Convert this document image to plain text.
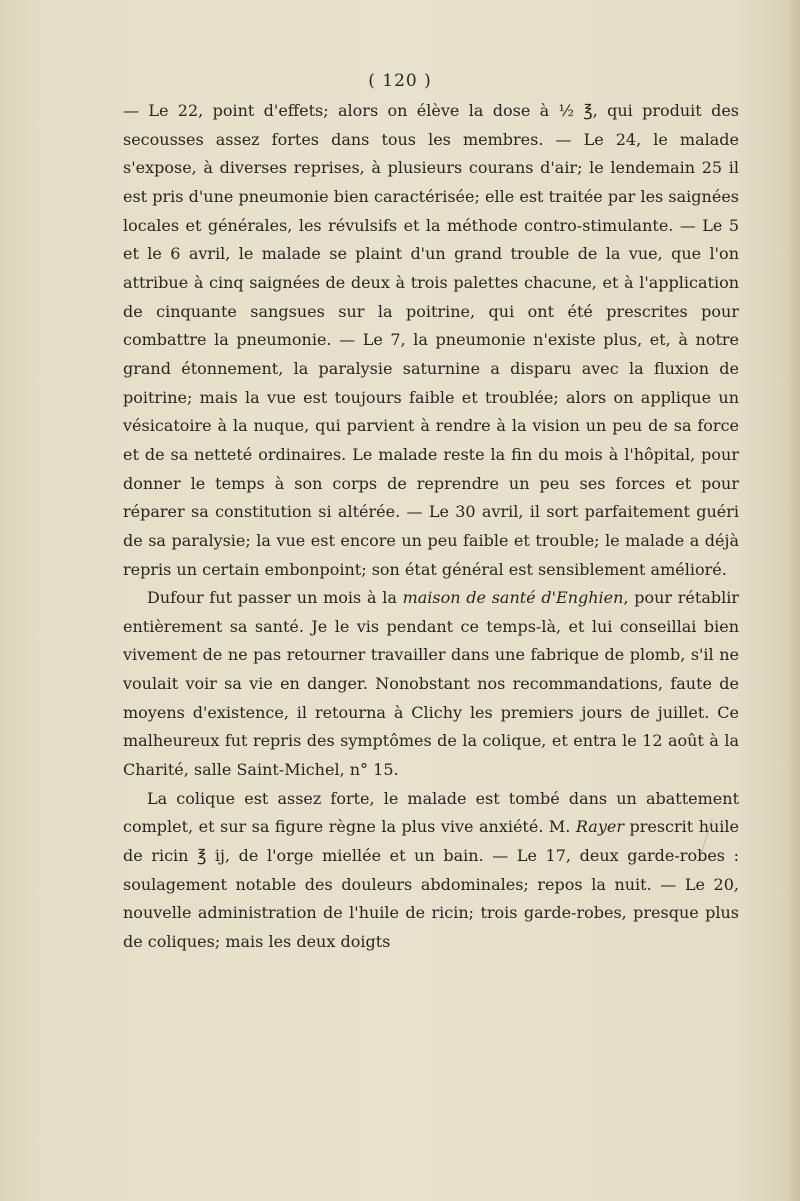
( 120 )

— Le 22, point d'effets; alors on élève la dose à ½ ℥, qui produit des secousses assez fortes dans tous les membres. — Le 24, le malade s'expose, à diverses reprises, à plusieurs courans d'air; le lendemain 25 il est pris d'une pneumonie bien caractérisée; elle est traitée par les saignées locales et générales, les révulsifs et la méthode contro-stimulante. — Le 5 et le 6 avril, le malade se plaint d'un grand trouble de la vue, que l'on attribue à cinq saignées de deux à trois palettes chacune, et à l'application de cinquante sangsues sur la poitrine, qui ont été prescrites pour combattre la pneumonie. — Le 7, la pneumonie n'existe plus, et, à notre grand étonnement, la paralysie saturnine a disparu avec la fluxion de poitrine; mais la vue est toujours faible et troublée; alors on applique un vésicatoire à la nuque, qui parvient à rendre à la vision un peu de sa force et de sa netteté ordinaires. Le malade reste la fin du mois à l'hôpital, pour donner le temps à son corps de reprendre un peu ses forces et pour réparer sa constitution si altérée. — Le 30 avril, il sort parfaitement guéri de sa paralysie; la vue est encore un peu faible et trouble; le malade a déjà repris un certain embonpoint; son état général est sensiblement amélioré.

Dufour fut passer un mois à la maison de santé d'Enghien, pour rétablir entièrement sa santé. Je le vis pendant ce temps-là, et lui conseillai bien vivement de ne pas retourner travailler dans une fabrique de plomb, s'il ne voulait voir sa vie en danger. Nonobstant nos recommandations, faute de moyens d'existence, il retourna à Clichy les premiers jours de juillet. Ce malheureux fut repris des symptômes de la colique, et entra le 12 août à la Charité, salle Saint-Michel, n° 15.

La colique est assez forte, le malade est tombé dans un abattement complet, et sur sa figure règne la plus vive anxiété. M. Rayer prescrit huile de ricin ℥ ij, de l'orge miellée et un bain. — Le 17, deux garde-robes : soulagement notable des douleurs abdominales; repos la nuit. — Le 20, nouvelle administration de l'huile de ricin; trois garde-robes, presque plus de coliques; mais les deux doigts
